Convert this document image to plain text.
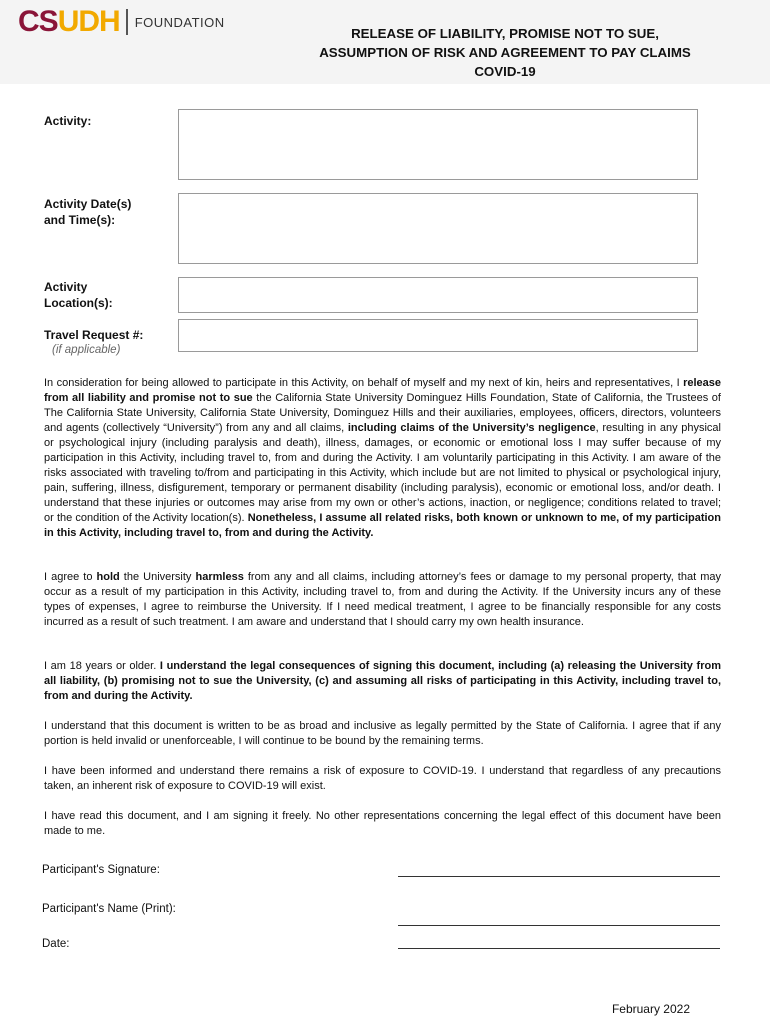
CSUDH FOUNDATION
RELEASE OF LIABILITY, PROMISE NOT TO SUE,
ASSUMPTION OF RISK AND AGREEMENT TO PAY CLAIMS
COVID-19
Activity:
Activity Date(s)
and Time(s):
Activity
Location(s):
Travel Request #:
(if applicable)
In consideration for being allowed to participate in this Activity, on behalf of myself and my next of kin, heirs and representatives, I release from all liability and promise not to sue the California State University Dominguez Hills Foundation, State of California, the Trustees of The California State University, California State University, Dominguez Hills and their auxiliaries, employees, officers, directors, volunteers and agents (collectively “University”) from any and all claims, including claims of the University’s negligence, resulting in any physical or psychological injury (including paralysis and death), illness, damages, or economic or emotional loss I may suffer because of my participation in this Activity, including travel to, from and during the Activity. I am voluntarily participating in this Activity. I am aware of the risks associated with traveling to/from and participating in this Activity, which include but are not limited to physical or psychological injury, pain, suffering, illness, disfigurement, temporary or permanent disability (including paralysis), economic or emotional loss, and/or death. I understand that these injuries or outcomes may arise from my own or other’s actions, inaction, or negligence; conditions related to travel; or the condition of the Activity location(s). Nonetheless, I assume all related risks, both known or unknown to me, of my participation in this Activity, including travel to, from and during the Activity.
I agree to hold the University harmless from any and all claims, including attorney’s fees or damage to my personal property, that may occur as a result of my participation in this Activity, including travel to, from and during the Activity. If the University incurs any of these types of expenses, I agree to reimburse the University. If I need medical treatment, I agree to be financially responsible for any costs incurred as a result of such treatment. I am aware and understand that I should carry my own health insurance.
I am 18 years or older. I understand the legal consequences of signing this document, including (a) releasing the University from all liability, (b) promising not to sue the University, (c) and assuming all risks of participating in this Activity, including travel to, from and during the Activity.
I understand that this document is written to be as broad and inclusive as legally permitted by the State of California. I agree that if any portion is held invalid or unenforceable, I will continue to be bound by the remaining terms.
I have been informed and understand there remains a risk of exposure to COVID-19. I understand that regardless of any precautions taken, an inherent risk of exposure to COVID-19 will exist.
I have read this document, and I am signing it freely. No other representations concerning the legal effect of this document have been made to me.
Participant's Signature:
Participant's Name (Print):
Date:
February 2022
